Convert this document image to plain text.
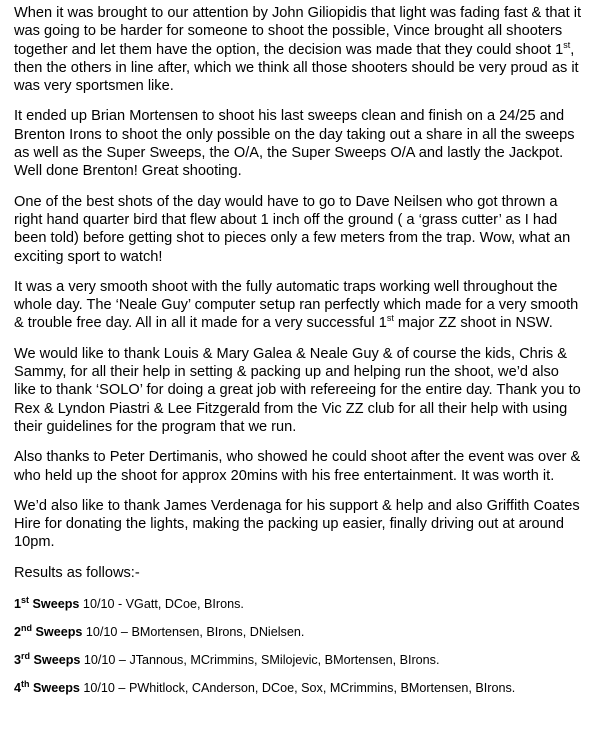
When it was brought to our attention by John Giliopidis that light was fading fast & that it was going to be harder for someone to shoot the possible, Vince brought all shooters together and let them have the option, the decision was made that they could shoot 1st, then the others in line after, which we think all those shooters should be very proud as it was very sportsmen like.

It ended up Brian Mortensen to shoot his last sweeps clean and finish on a 24/25 and Brenton Irons to shoot the only possible on the day taking out a share in all the sweeps as well as the Super Sweeps, the O/A, the Super Sweeps O/A and lastly the Jackpot. Well done Brenton! Great shooting.

One of the best shots of the day would have to go to Dave Neilsen who got thrown a right hand quarter bird that flew about 1 inch off the ground ( a ‘grass cutter’ as I had been told) before getting shot to pieces only a few meters from the trap. Wow, what an exciting sport to watch!

It was a very smooth shoot with the fully automatic traps working well throughout the whole day. The ‘Neale Guy’ computer setup ran perfectly which made for a very smooth & trouble free day. All in all it made for a very successful 1st major ZZ shoot in NSW.

We would like to thank Louis & Mary Galea & Neale Guy & of course the kids, Chris & Sammy, for all their help in setting & packing up and helping run the shoot, we’d also like to thank ‘SOLO’ for doing a great job with refereeing for the entire day. Thank you to Rex & Lyndon Piastri & Lee Fitzgerald from the Vic ZZ club for all their help with using their guidelines for the program that we run.

Also thanks to Peter Dertimanis, who showed he could shoot after the event was over & who held up the shoot for approx 20mins with his free entertainment. It was worth it.

We’d also like to thank James Verdenaga for his support & help and also Griffith Coates Hire for donating the lights, making the packing up easier, finally driving out at around 10pm.

Results as follows:-

1st Sweeps 10/10 - VGatt, DCoe, BIrons.

2nd Sweeps 10/10 – BMortensen, BIrons, DNielsen.

3rd Sweeps 10/10 – JTannous, MCrimmins, SMilojevic, BMortensen, BIrons.

4th Sweeps 10/10 – PWhitlock, CAnderson, DCoe, Sox, MCrimmins, BMortensen, BIrons.
